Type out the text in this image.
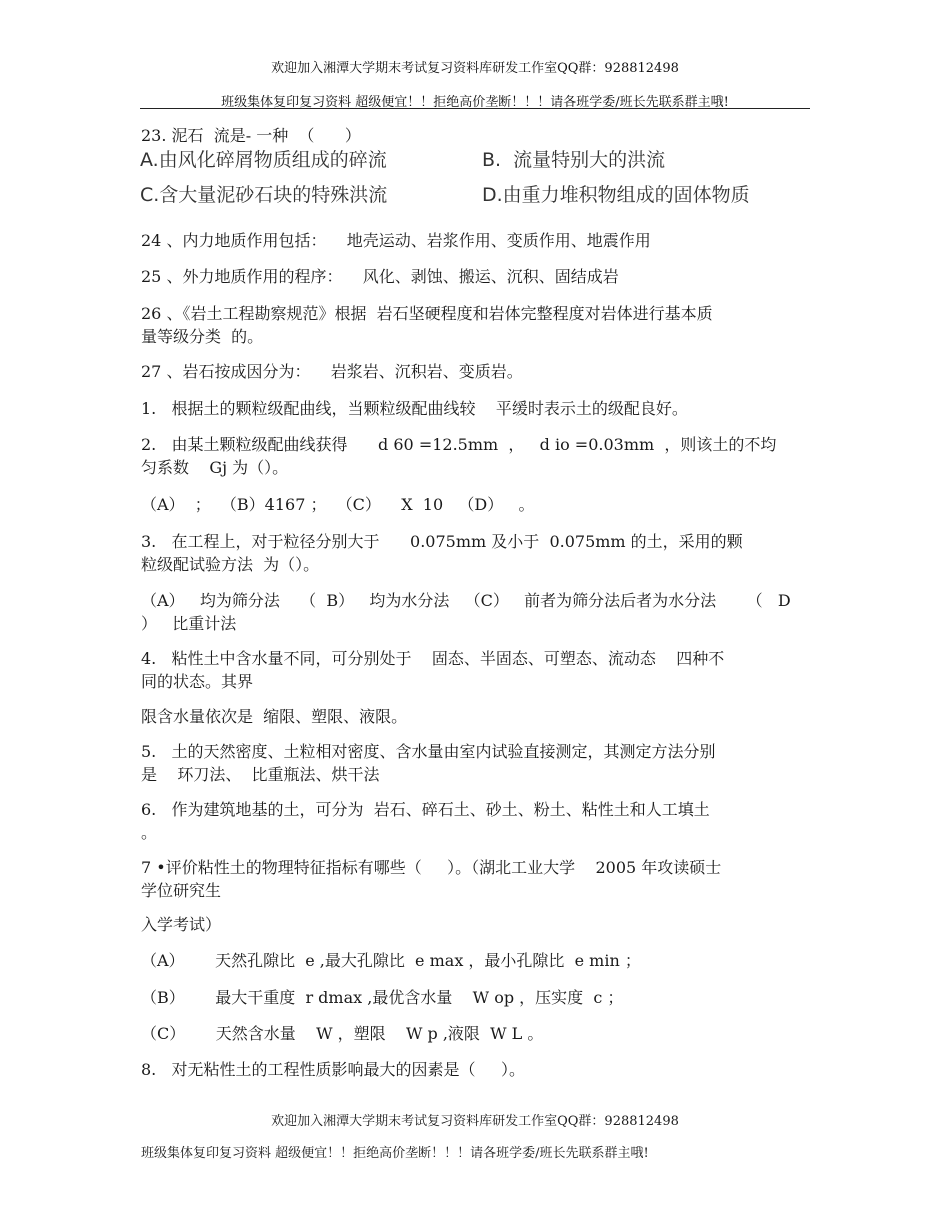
欢迎加入湘潭大学期末考试复习资料库研发工作室QQ群：928812498
班级集体复印复习资料 超级便宜！！拒绝高价垄断！！！请各班学委/班长先联系群主哦!
23. 泥石  流是- 一种  （      ）
A.由风化碎屑物质组成的碎流	B.  流量特别大的洪流
C.含大量泥砂石块的特殊洪流	D.由重力堆积物组成的固体物质
24 、内力地质作用包括：    地壳运动、岩浆作用、变质作用、地震作用
25 、外力地质作用的程序：    风化、剥蚀、搬运、沉积、固结成岩
26 、《岩土工程勘察规范》根据  岩石坚硬程度和岩体完整程度对岩体进行基本质
量等级分类  的。
27 、岩石按成因分为：    岩浆岩、沉积岩、变质岩。
1.   根据土的颗粒级配曲线，当颗粒级配曲线较    平缓时表示土的级配良好。
2.   由某土颗粒级配曲线获得      d 60 =12.5mm  ，   d io =0.03mm  ，则该土的不均
匀系数    Gj 为（）。
（A）  ；  （B）4167 ；  （C）    X  10   （D）   。
3.   在工程上，对于粒径分别大于      0.075mm 及小于  0.075mm 的土，采用的颗
粒级配试验方法  为（）。
（A）   均为筛分法    （  B）   均为水分法   （C）   前者为筛分法后者为水分法      （   D
）   比重计法
4.   粘性土中含水量不同，可分别处于    固态、半固态、可塑态、流动态    四种不
同的状态。其界
限含水量依次是  缩限、塑限、液限。
5.   土的天然密度、土粒相对密度、含水量由室内试验直接测定，其测定方法分别
是    环刀法、  比重瓶法、烘干法
6.   作为建筑地基的土，可分为  岩石、碎石土、砂土、粉土、粘性土和人工填土
。
7 •评价粘性土的物理特征指标有哪些（     ）。（湖北工业大学    2005 年攻读硕士
学位研究生
入学考试）
（A）      天然孔隙比  e ,最大孔隙比  e max ，最小孔隙比  e min ；
（B）      最大干重度  r dmax ,最优含水量    W op ，压实度  c ；
（C）      天然含水量    W ，塑限    W p ,液限  W L 。
8.   对无粘性土的工程性质影响最大的因素是（     ）。
欢迎加入湘潭大学期末考试复习资料库研发工作室QQ群：928812498
班级集体复印复习资料 超级便宜！！拒绝高价垄断！！！请各班学委/班长先联系群主哦!
